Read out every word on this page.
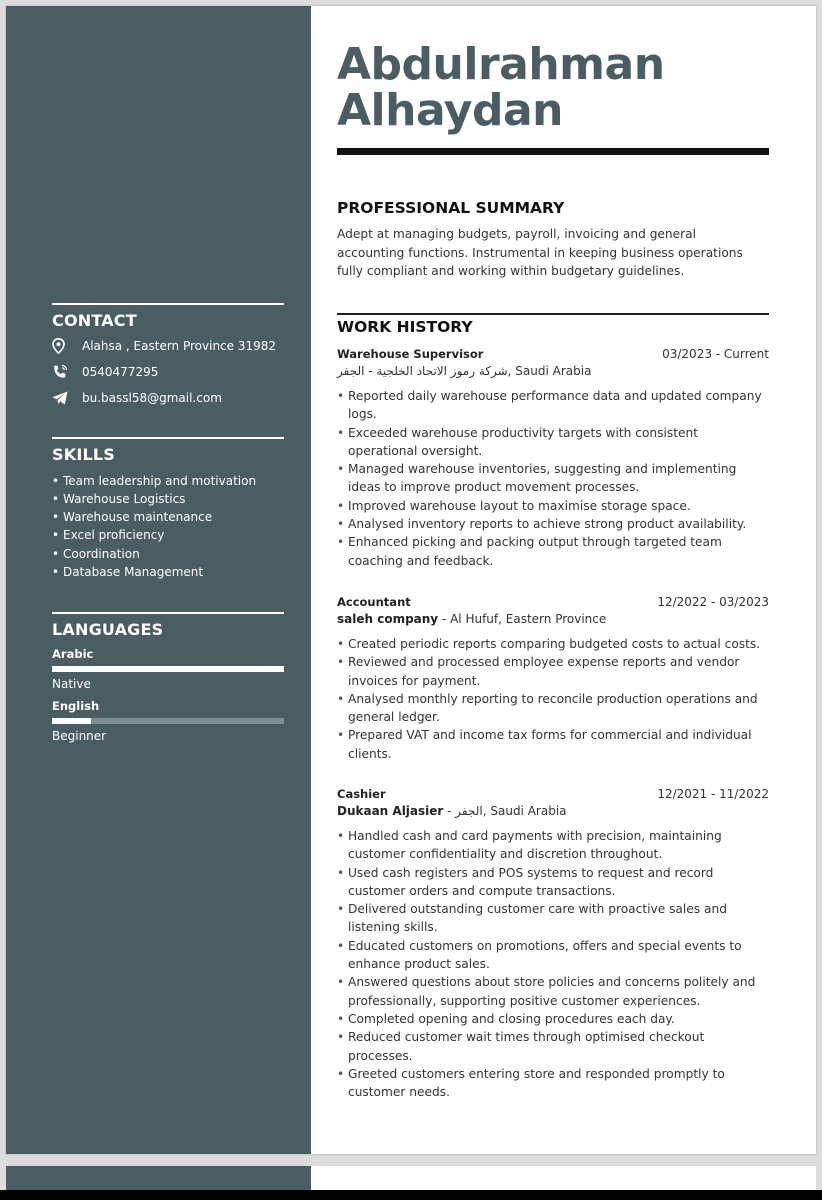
CONTACT
Alahsa , Eastern Province 31982
0540477295
bu.bassl58@gmail.com
SKILLS
• Team leadership and motivation
• Warehouse Logistics
• Warehouse maintenance
• Excel proficiency
• Coordination
• Database Management
LANGUAGES
Arabic
Native
English
Beginner
Abdulrahman
Alhaydan
PROFESSIONAL SUMMARY
Adept at managing budgets, payroll, invoicing and general accounting functions. Instrumental in keeping business operations fully compliant and working within budgetary guidelines.
WORK HISTORY
Warehouse Supervisor	03/2023 - Current
شركة رموز الاتحاد الخلجية - الجفر, Saudi Arabia
• Reported daily warehouse performance data and updated company logs.
• Exceeded warehouse productivity targets with consistent operational oversight.
• Managed warehouse inventories, suggesting and implementing ideas to improve product movement processes.
• Improved warehouse layout to maximise storage space.
• Analysed inventory reports to achieve strong product availability.
• Enhanced picking and packing output through targeted team coaching and feedback.
Accountant	12/2022 - 03/2023
saleh company - Al Hufuf, Eastern Province
• Created periodic reports comparing budgeted costs to actual costs.
• Reviewed and processed employee expense reports and vendor invoices for payment.
• Analysed monthly reporting to reconcile production operations and general ledger.
• Prepared VAT and income tax forms for commercial and individual clients.
Cashier	12/2021 - 11/2022
Dukaan Aljasier - الجفر, Saudi Arabia
• Handled cash and card payments with precision, maintaining customer confidentiality and discretion throughout.
• Used cash registers and POS systems to request and record customer orders and compute transactions.
• Delivered outstanding customer care with proactive sales and listening skills.
• Educated customers on promotions, offers and special events to enhance product sales.
• Answered questions about store policies and concerns politely and professionally, supporting positive customer experiences.
• Completed opening and closing procedures each day.
• Reduced customer wait times through optimised checkout processes.
• Greeted customers entering store and responded promptly to customer needs.
